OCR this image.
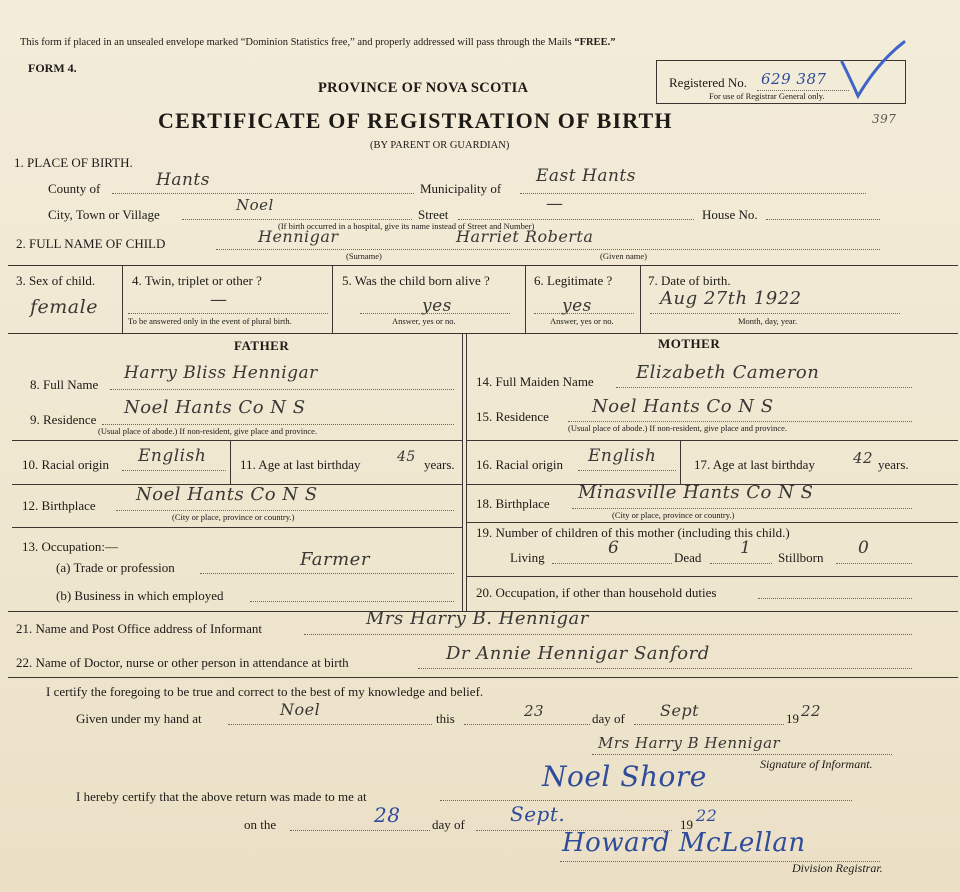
This form if placed in an unsealed envelope marked “Dominion Statistics free,” and properly addressed will pass through the Mails “FREE.”
FORM 4.
PROVINCE OF NOVA SCOTIA
CERTIFICATE OF REGISTRATION OF BIRTH
(BY PARENT OR GUARDIAN)
Registered No. 629 387
For use of Registrar General only.
397
1. PLACE OF BIRTH.
County of	Hants	Municipality of
East Hants
City, Town or Village
Noel
Street
—
House No.
(If birth occurred in a hospital, give its name instead of Street and Number)
2. FULL NAME OF CHILD	Hennigar	Harriet Roberta
(Surname)	(Given name)
3. Sex of child.
female
4. Twin, triplet or other ?
—
To be answered only in the event of plural birth.
5. Was the child born alive ?
yes
Answer, yes or no.
6. Legitimate ?
yes
Answer, yes or no.
7. Date of birth.
Aug 27th 1922
Month, day, year.
FATHER	MOTHER
8. Full Name
Harry Bliss Hennigar
9. Residence
Noel Hants Co N S
(Usual place of abode.) If non-resident, give place and province.
10. Racial origin English	11. Age at last birthday	45 years.
12. Birthplace
Noel Hants Co N S
(City or place, province or country.)
13. Occupation:—
(a) Trade or profession	Farmer
(b) Business in which employed
14. Full Maiden Name Elizabeth Cameron
15. Residence Noel Hants Co N S
(Usual place of abode.) If non-resident, give place and province.
16. Racial origin English	17. Age at last birthday	42 years.
18. Birthplace
Minasville Hants Co N S
(City or place, province or country.)
19. Number of children of this mother (including this child.)
Living	6	Dead 1 Stillborn 0
20. Occupation, if other than household duties
21. Name and Post Office address of Informant	Mrs Harry B. Hennigar
22. Name of Doctor, nurse or other person in attendance at birth	Dr Annie Hennigar Sanford
I certify the foregoing to be true and correct to the best of my knowledge and belief.
Given under my hand at	Noel	this	23	day of Sept	19 22
Mrs Harry B Hennigar
Signature of Informant.
I hereby certify that the above return was made to me at
Noel Shore
on the	28 day of Sept.	19 22
Howard McLellan
Division Registrar.
